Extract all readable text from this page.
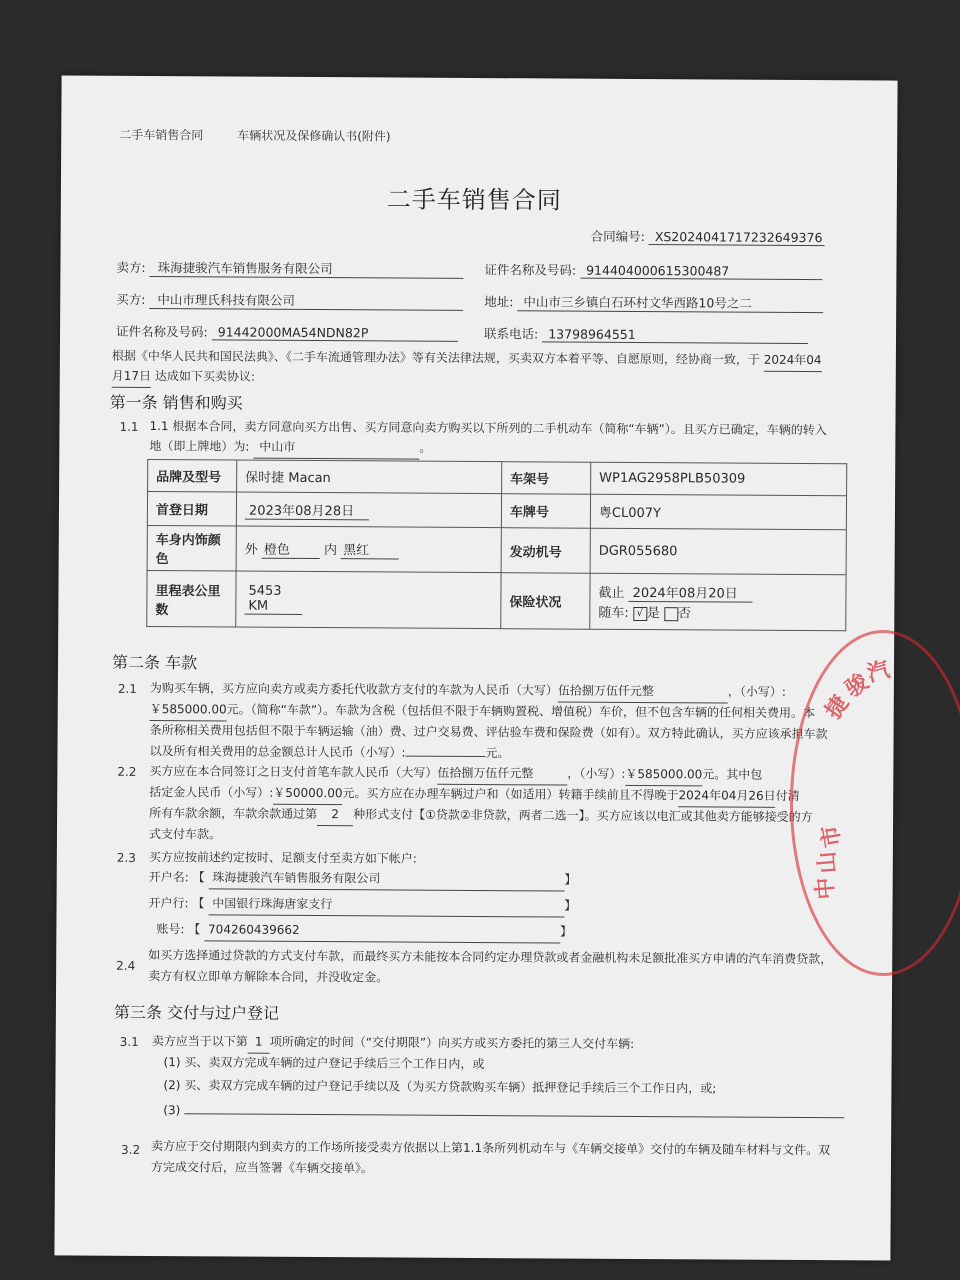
二手车销售合同	车辆状况及保修确认书(附件)
二手车销售合同
合同编号: XS2024041717232649376
卖方: 珠海捷骏汽车销售服务有限公司	证件名称及号码: 914404000615300487
买方: 中山市理氏科技有限公司	地址: 中山市三乡镇白石环村文华西路10号之二
证件名称及号码: 91442000MA54NDN82P	联系电话: 13798964551
根据《中华人民共和国民法典》、《二手车流通管理办法》等有关法律法规，买卖双方本着平等、自愿原则，经协商一致，于 2024年04
月17日 达成如下买卖协议:
第一条 销售和购买
1.1 1.1 根据本合同，卖方同意向买方出售、买方同意向卖方购买以下所列的二手机动车（简称“车辆”）。且买方已确定，车辆的转入
地（即上牌地）为: 中山市	。
品牌及型号	保时捷 Macan	车架号	WP1AG2958PLB50309
首登日期	2023年08月28日	车牌号	粤CL007Y
车身内饰颜色	外 橙色 内 黑红	发动机号	DGR055680
里程表公里数	5453 KM	保险状况	截止 2024年08月20日
随车: √ 是 否
第二条 车款
2.1 为购买车辆，买方应向卖方或卖方委托代收款方支付的车款为人民币（大写）伍拾捌万伍仟元整	，（小写）:
￥585000.00元。（简称“车款”）。车款为含税（包括但不限于车辆购置税、增值税）车价，但不包含车辆的任何相关费用。本
条所称相关费用包括但不限于车辆运输（油）费、过户交易费、评估验车费和保险费（如有）。双方特此确认，买方应该承担车款
以及所有相关费用的总金额总计人民币（小写）:	元。
2.2 买方应在本合同签订之日支付首笔车款人民币（大写）伍拾捌万伍仟元整	，（小写）:￥585000.00元。其中包
括定金人民币（小写）:￥50000.00元。买方应在办理车辆过户和（如适用）转籍手续前且不得晚于2024年04月26日付清
所有车款余额，车款余款通过第 2 种形式支付【①贷款②非贷款，两者二选一】。买方应该以电汇或其他卖方能够接受的方
式支付车款。
2.3 买方应按前述约定按时、足额支付至卖方如下帐户:
开户名: 【 珠海捷骏汽车销售服务有限公司	】
开户行: 【 中国银行珠海唐家支行	】
账号: 【 704260439662	】
2.4 如买方选择通过贷款的方式支付车款，而最终买方未能按本合同约定办理贷款或者金融机构未足额批准买方申请的汽车消费贷款，
卖方有权立即单方解除本合同，并没收定金。
第三条 交付与过户登记
3.1 卖方应当于以下第 1 项所确定的时间（“交付期限”）向买方或买方委托的第三人交付车辆:
(1) 买、卖双方完成车辆的过户登记手续后三个工作日内，或
(2) 买、卖双方完成车辆的过户登记手续以及（为买方贷款购买车辆）抵押登记手续后三个工作日内，或;
(3)
3.2 卖方应于交付期限内到卖方的工作场所接受卖方依据以上第1.1条所列机动车与《车辆交接单》交付的车辆及随车材料与文件。双
方完成交付后，应当签署《车辆交接单》。
捷
骏
汽
中
山
市
